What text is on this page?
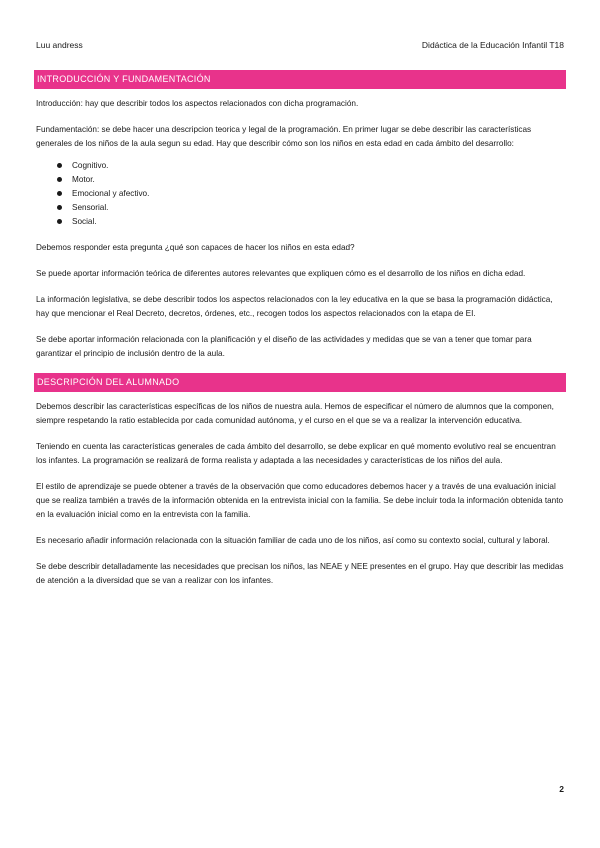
Luu andress	Didáctica de la Educación Infantil T18
INTRODUCCIÓN Y FUNDAMENTACIÓN

Introducción: hay que describir todos los aspectos relacionados con dicha programación.

Fundamentación: se debe hacer una descripcion teorica y legal de la programación. En primer lugar se debe describir las características generales de los niños de la aula segun su edad. Hay que describir cómo son los niños en esta edad en cada ámbito del desarrollo:

Cognitivo.
Motor.
Emocional y afectivo.
Sensorial.
Social.

Debemos responder esta pregunta ¿qué son capaces de hacer los niños en esta edad?

Se puede aportar información teórica de diferentes autores relevantes que expliquen cómo es el desarrollo de los niños en dicha edad.

La información legislativa, se debe describir todos los aspectos relacionados con la ley educativa en la que se basa la programación didáctica, hay que mencionar el Real Decreto, decretos, órdenes, etc., recogen todos los aspectos relacionados con la etapa de EI.

Se debe aportar información relacionada con la planificación y el diseño de las actividades y medidas que se van a tener que tomar para garantizar el principio de inclusión dentro de la aula.

DESCRIPCIÓN DEL ALUMNADO

Debemos describir las características específicas de los niños de nuestra aula. Hemos de especificar el número de alumnos que la componen, siempre respetando la ratio establecida por cada comunidad autónoma, y el curso en el que se va a realizar la intervención educativa.

Teniendo en cuenta las características generales de cada ámbito del desarrollo, se debe explicar en qué momento evolutivo real se encuentran los infantes. La programación se realizará de forma realista y adaptada a las necesidades y características de los niños del aula.

El estilo de aprendizaje se puede obtener a través de la observación que como educadores debemos hacer y a través de una evaluación inicial que se realiza también a través de la información obtenida en la entrevista inicial con la familia. Se debe incluir toda la información obtenida tanto en la evaluación inicial como en la entrevista con la familia.

Es necesario añadir información relacionada con la situación familiar de cada uno de los niños, así como su contexto social, cultural y laboral.

Se debe describir detalladamente las necesidades que precisan los niños, las NEAE y NEE presentes en el grupo. Hay que describir las medidas de atención a la diversidad que se van a realizar con los infantes.

2
